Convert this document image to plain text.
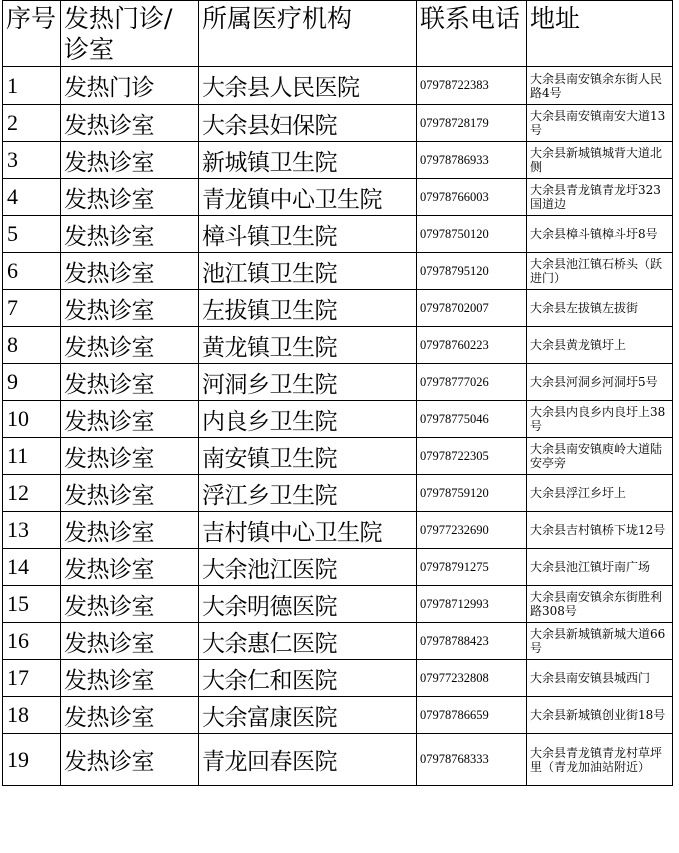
序号	发热门诊/诊室	所属医疗机构	联系电话	地址
1	发热门诊	大余县人民医院	07978722383	大余县南安镇余东街人民路4号
2	发热诊室	大余县妇保院	07978728179	大余县南安镇南安大道13号
3	发热诊室	新城镇卫生院	07978786933	大余县新城镇城背大道北侧
4	发热诊室	青龙镇中心卫生院	07978766003	大余县青龙镇青龙圩323国道边
5	发热诊室	樟斗镇卫生院	07978750120	大余县樟斗镇樟斗圩8号
6	发热诊室	池江镇卫生院	07978795120	大余县池江镇石桥头（跃进门）
7	发热诊室	左拔镇卫生院	07978702007	大余县左拔镇左拔街
8	发热诊室	黄龙镇卫生院	07978760223	大余县黄龙镇圩上
9	发热诊室	河洞乡卫生院	07978777026	大余县河洞乡河洞圩5号
10	发热诊室	内良乡卫生院	07978775046	大余县内良乡内良圩上38号
11	发热诊室	南安镇卫生院	07978722305	大余县南安镇庾岭大道陆安亭旁
12	发热诊室	浮江乡卫生院	07978759120	大余县浮江乡圩上
13	发热诊室	吉村镇中心卫生院	07977232690	大余县吉村镇桥下垅12号
14	发热诊室	大余池江医院	07978791275	大余县池江镇圩南广场
15	发热诊室	大余明德医院	07978712993	大余县南安镇余东街胜利路308号
16	发热诊室	大余惠仁医院	07978788423	大余县新城镇新城大道66号
17	发热诊室	大余仁和医院	07977232808	大余县南安镇县城西门
18	发热诊室	大余富康医院	07978786659	大余县新城镇创业街18号
19	发热诊室	青龙回春医院	07978768333	大余县青龙镇青龙村草坪里（青龙加油站附近）
